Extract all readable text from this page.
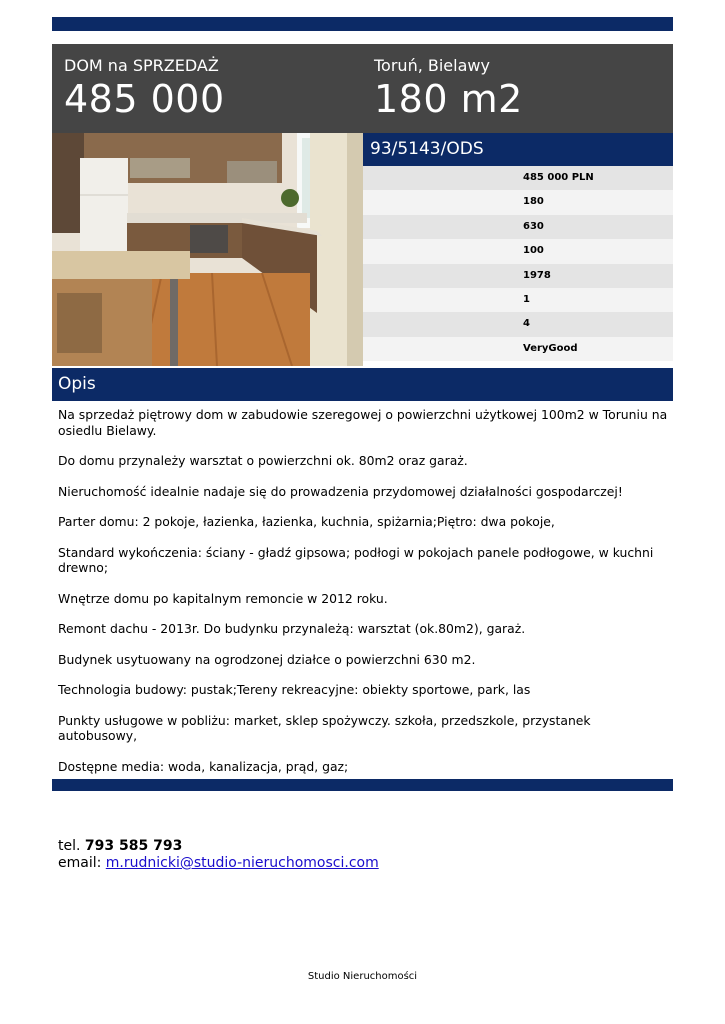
DOM na SPRZEDAŻ
485 000
Toruń, Bielawy
180 m2
93/5143/ODS
485 000 PLN
180
630
100
1978
1
4
VeryGood
Opis

Na sprzedaż piętrowy dom w zabudowie szeregowej o powierzchni użytkowej 100m2 w Toruniu na osiedlu Bielawy.

Do domu przynależy warsztat o powierzchni ok. 80m2 oraz garaż.

Nieruchomość idealnie nadaje się do prowadzenia przydomowej działalności gospodarczej!

Parter domu: 2 pokoje, łazienka, łazienka, kuchnia, spiżarnia;Piętro: dwa pokoje,

Standard wykończenia: ściany - gładź gipsowa; podłogi w pokojach panele podłogowe, w kuchni drewno;

Wnętrze domu po kapitalnym remoncie w 2012 roku.

Remont dachu - 2013r. Do budynku przynależą: warsztat (ok.80m2), garaż.

Budynek usytuowany na ogrodzonej działce o powierzchni 630 m2.

Technologia budowy: pustak;Tereny rekreacyjne: obiekty sportowe, park, las

Punkty usługowe w pobliżu: market, sklep spożywczy. szkoła, przedszkole, przystanek autobusowy,

Dostępne media: woda, kanalizacja, prąd, gaz;

tel. 793 585 793
email: m.rudnicki@studio-nieruchomosci.com
Studio Nieruchomości
